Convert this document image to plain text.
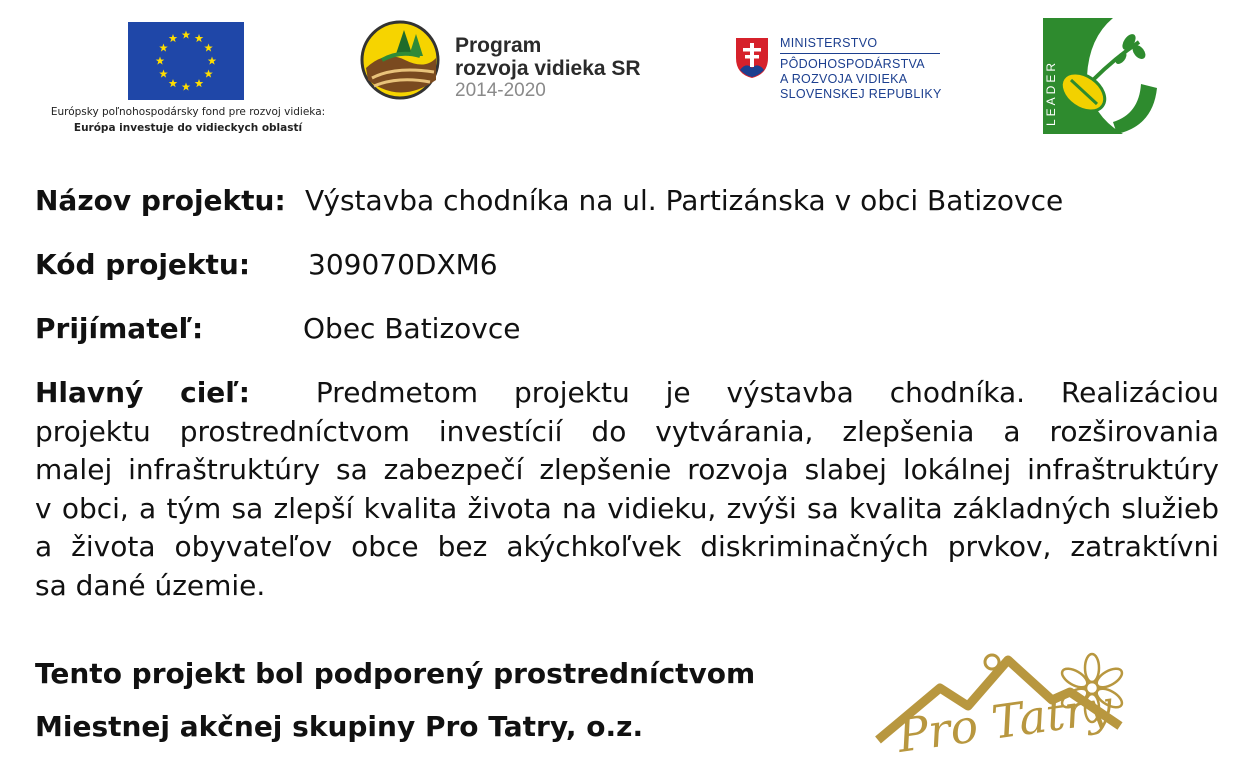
Európsky poľnohospodársky fond pre rozvoj vidieka:
Európa investuje do vidieckych oblastí
Program
rozvoja vidieka SR
2014-2020
MINISTERSTVO
PÔDOHOSPODÁRSTVA
A ROZVOJA VIDIEKA
SLOVENSKEJ REPUBLIKY	LEADER
Názov projektu: Výstavba chodníka na ul. Partizánska v obci Batizovce
Kód projektu: 309070DXM6
Prijímateľ:	Obec Batizovce
Hlavný cieľ: Predmetom projektu je výstavba chodníka. Realizáciou
projektu prostredníctvom investícií do vytvárania, zlepšenia a rozširovania
malej infraštruktúry sa zabezpečí zlepšenie rozvoja slabej lokálnej infraštruktúry
v obci, a tým sa zlepší kvalita života na vidieku, zvýši sa kvalita základných služieb
a života obyvateľov obce bez akýchkoľvek diskriminačných prvkov, zatraktívni
sa dané územie.
Tento projekt bol podporený prostredníctvom
Miestnej akčnej skupiny Pro Tatry, o.z.	Pro Tatry
